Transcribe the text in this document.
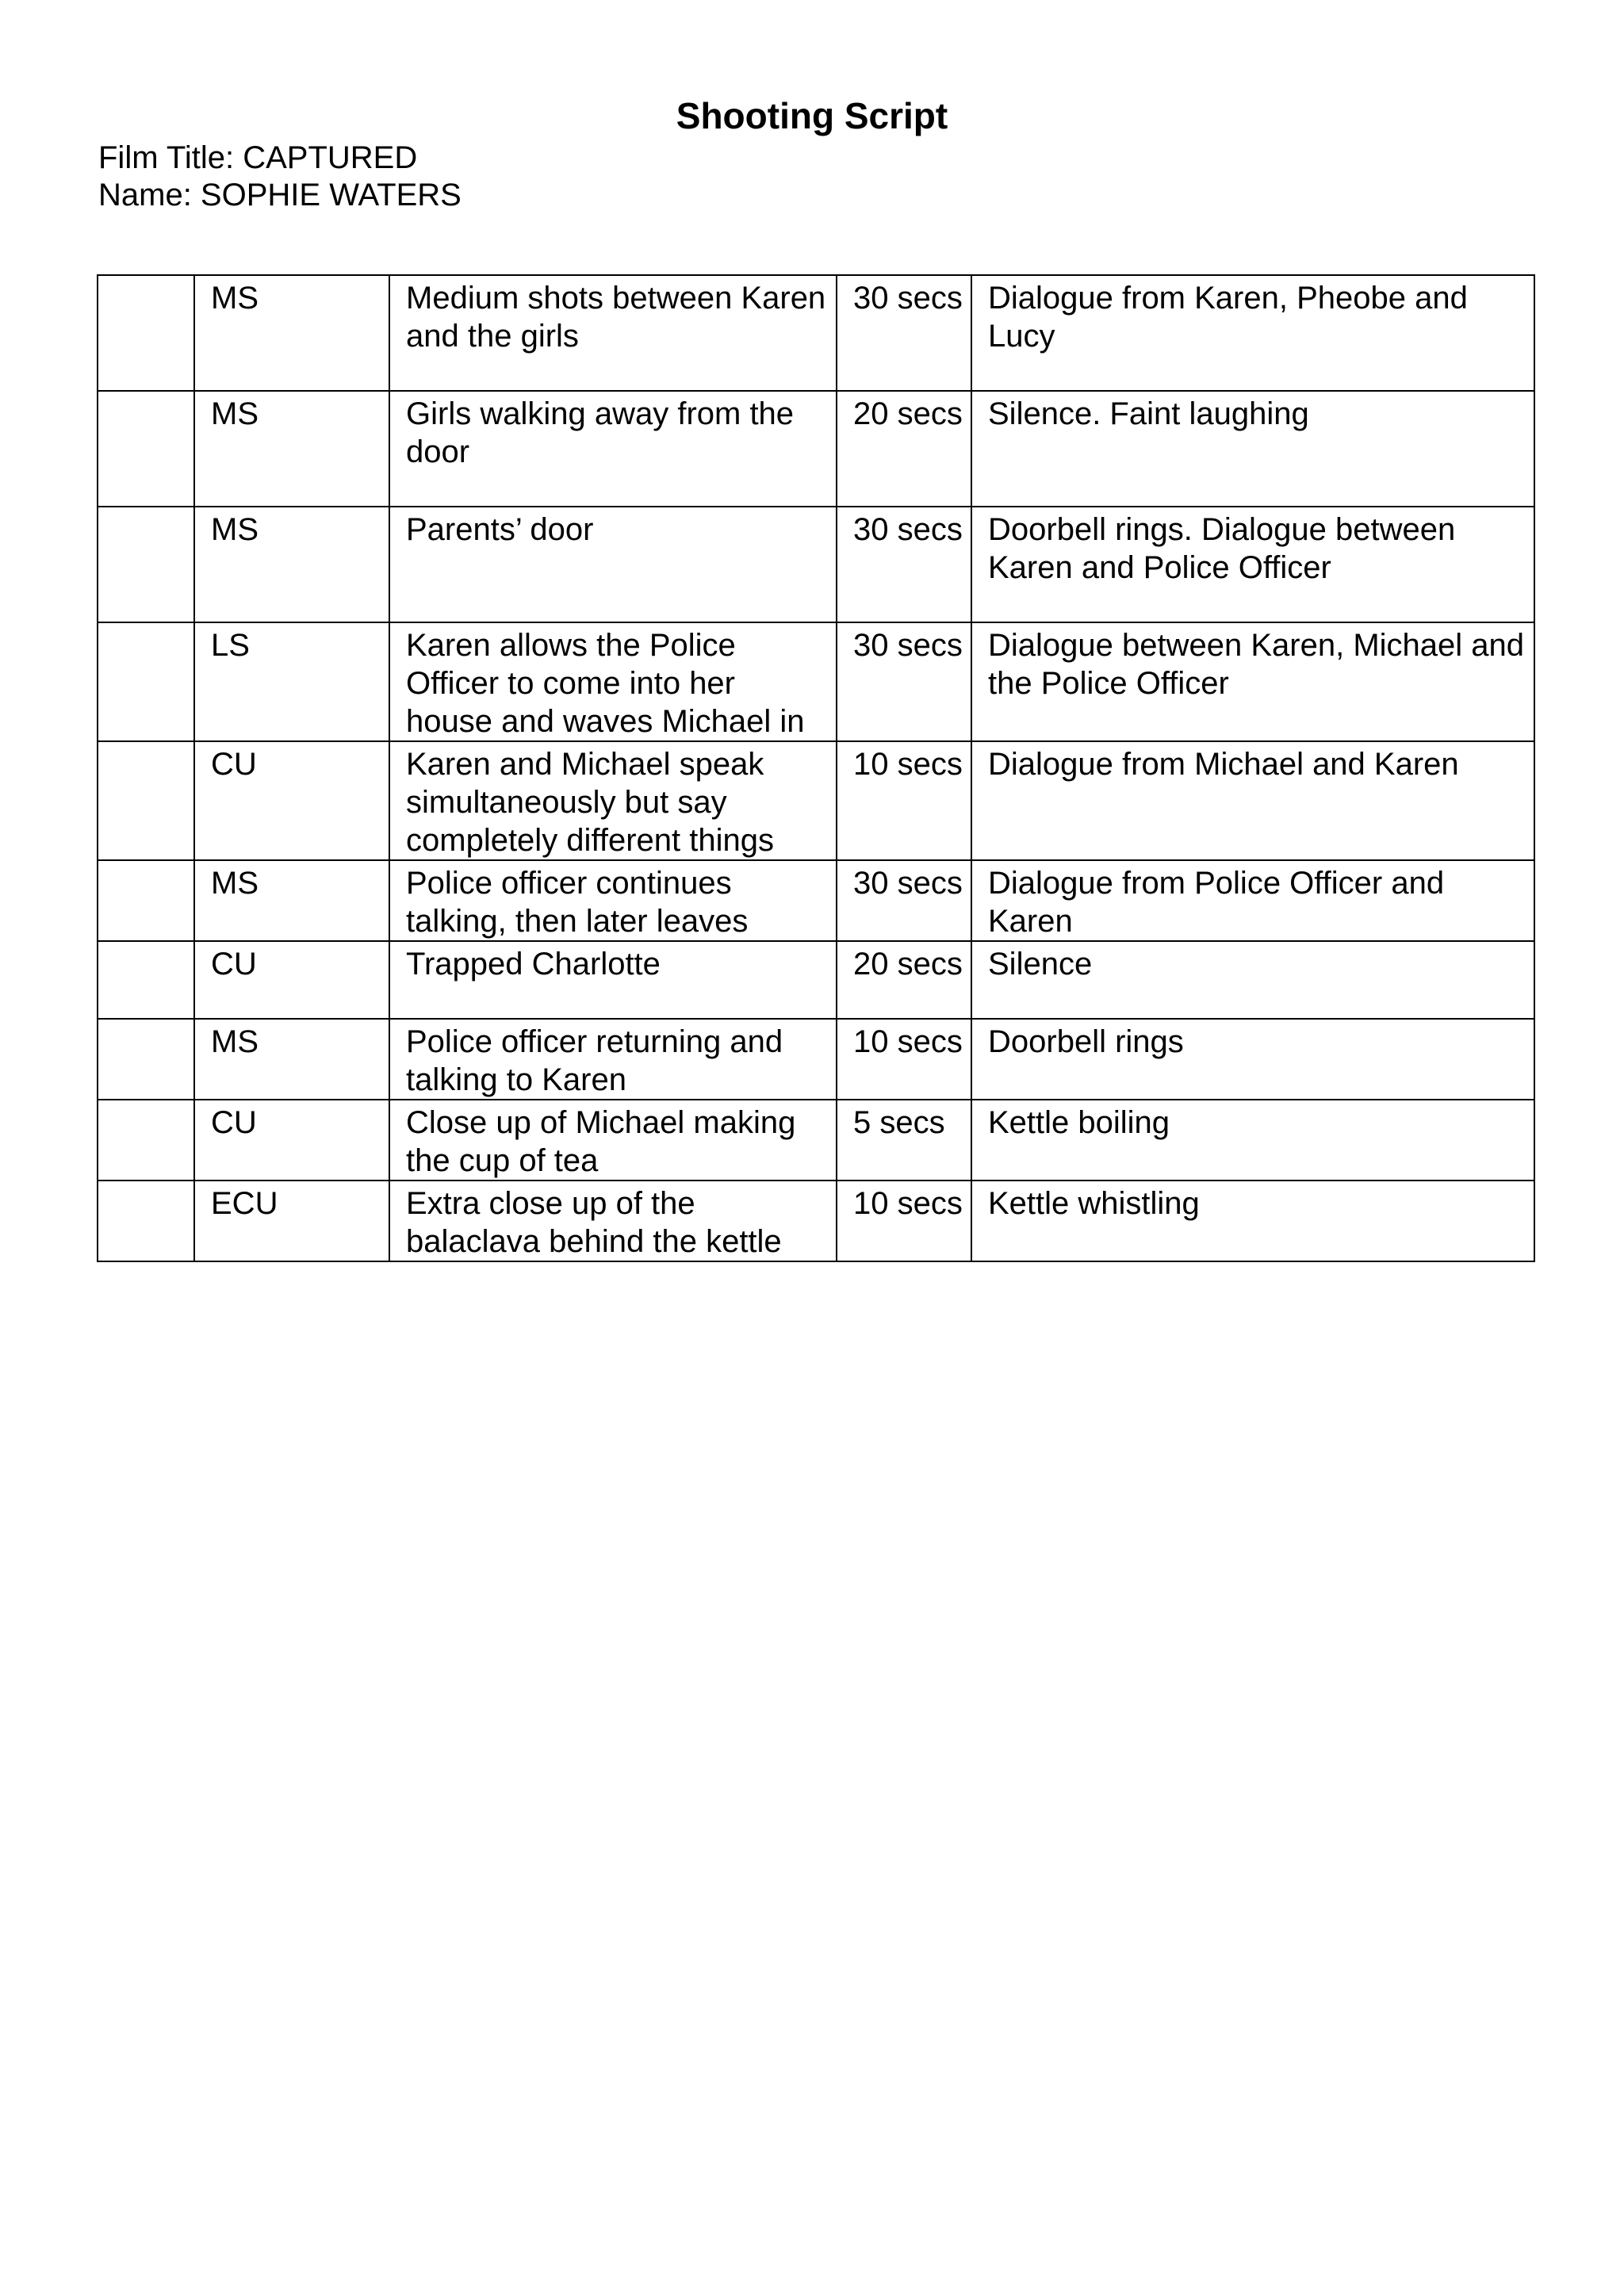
Shooting Script
Film Title: CAPTURED
Name: SOPHIE WATERS
	MS	Medium shots between Karen and the girls	30 secs	Dialogue from Karen, Pheobe and Lucy
	MS	Girls walking away from the door	20 secs	Silence. Faint laughing
	MS	Parents’ door	30 secs	Doorbell rings. Dialogue between Karen and Police Officer
	LS	Karen allows the Police Officer to come into her house and waves Michael in	30 secs	Dialogue between Karen, Michael and the Police Officer
	CU	Karen and Michael speak simultaneously but say completely different things	10 secs	Dialogue from Michael and Karen
	MS	Police officer continues talking, then later leaves	30 secs	Dialogue from Police Officer and Karen
	CU	Trapped Charlotte	20 secs	Silence
	MS	Police officer returning and talking to Karen	10 secs	Doorbell rings
	CU	Close up of Michael making the cup of tea	5 secs	Kettle boiling
	ECU	Extra close up of the balaclava behind the kettle	10 secs	Kettle whistling
